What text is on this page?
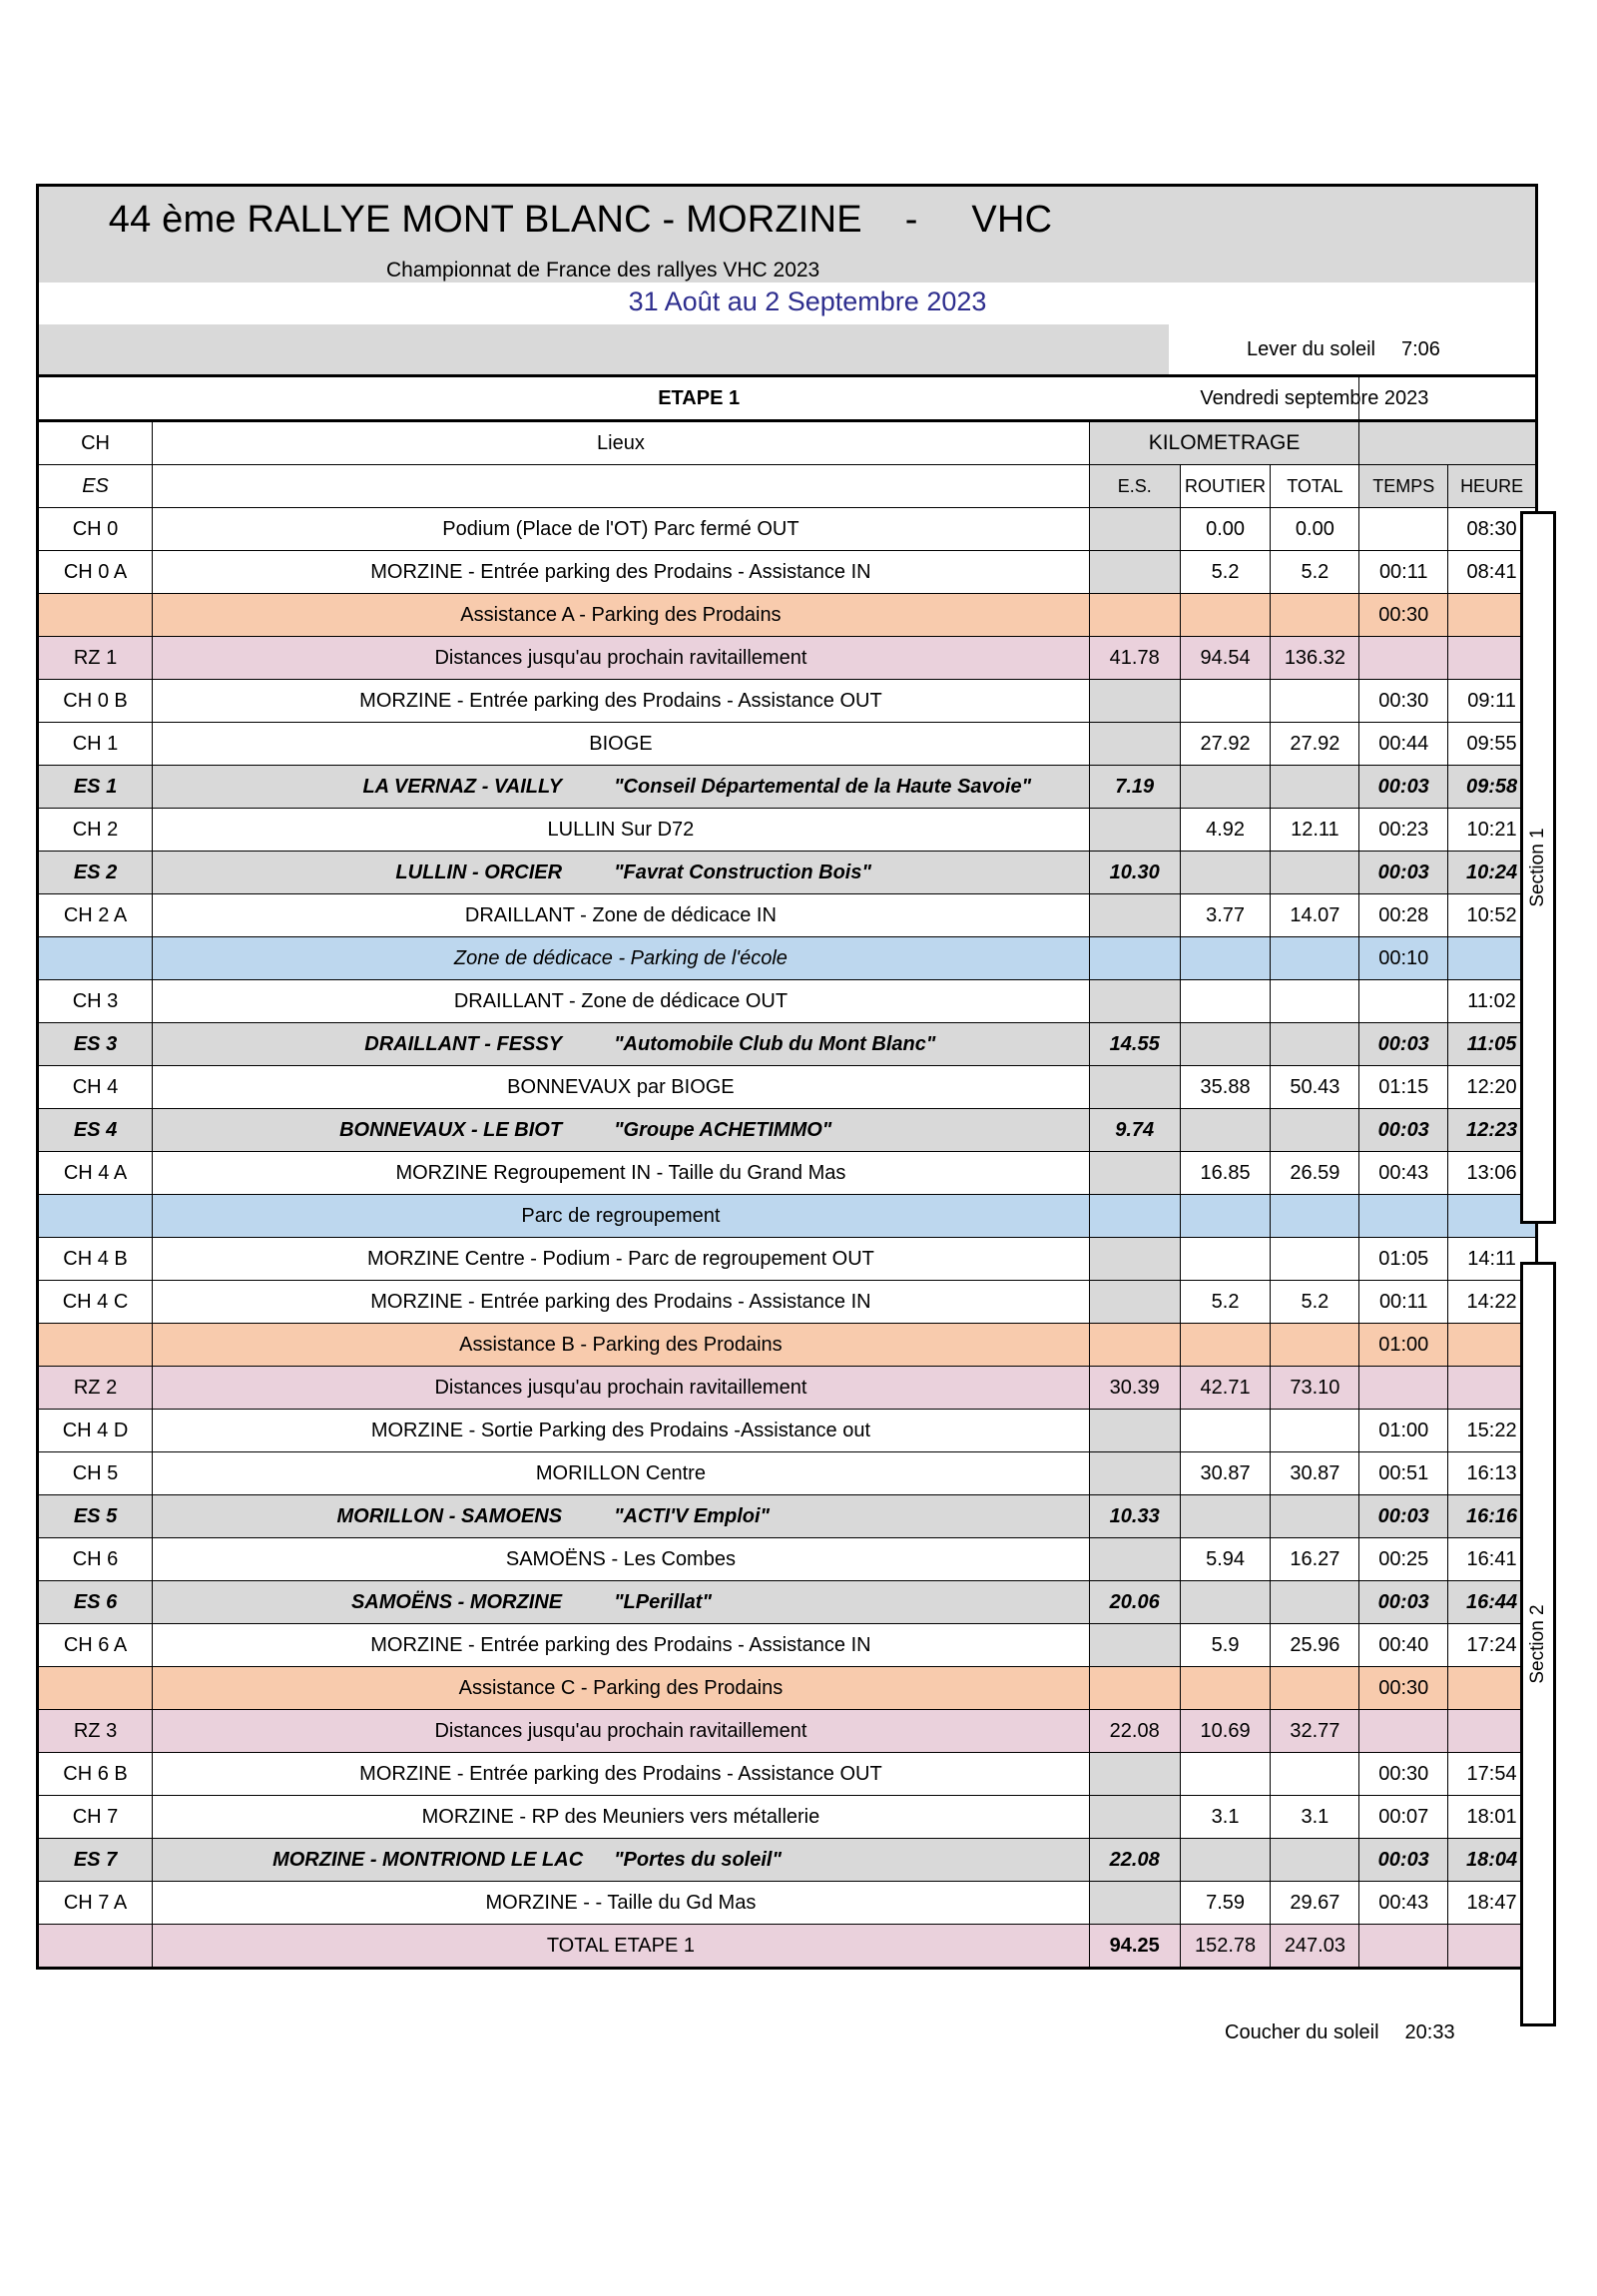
44 ème RALLYE MONT BLANC - MORZINE    -     VHC
Championnat de France des rallyes VHC 2023
31 Août au 2 Septembre 2023
Lever du soleil 7:06
ETAPE 1					Vendredi septembre 2023	
CH	Lieux	KILOMETRAGE				
ES		E.S.	ROUTIER	TOTAL	TEMPS	HEURE
CH 0	Podium (Place de l'OT) Parc fermé OUT		0.00	0.00		08:30
CH 0 A	MORZINE - Entrée parking des Prodains - Assistance IN		5.2	5.2	00:11	08:41
	Assistance A - Parking des Prodains				00:30	
RZ 1	Distances jusqu'au prochain ravitaillement	41.78	94.54	136.32		
CH 0 B	MORZINE - Entrée parking des Prodains - Assistance OUT				00:30	09:11
CH 1	BIOGE		27.92	27.92	00:44	09:55
ES 1	LA VERNAZ - VAILLY "Conseil Départemental de la Haute Savoie"	7.19			00:03	09:58
CH 2	LULLIN Sur D72		4.92	12.11	00:23	10:21
ES 2	LULLIN - ORCIER "Favrat Construction Bois"	10.30			00:03	10:24
CH 2 A	DRAILLANT - Zone de dédicace IN		3.77	14.07	00:28	10:52
	Zone de dédicace - Parking de l'école				00:10	
CH 3	DRAILLANT - Zone de dédicace OUT					11:02
ES 3	DRAILLANT - FESSY "Automobile Club du Mont Blanc"	14.55			00:03	11:05
CH 4	BONNEVAUX par BIOGE		35.88	50.43	01:15	12:20
ES 4	BONNEVAUX - LE BIOT "Groupe ACHETIMMO"	9.74			00:03	12:23
CH 4 A	MORZINE Regroupement IN - Taille du Grand Mas		16.85	26.59	00:43	13:06
	Parc de regroupement					
CH 4 B	MORZINE Centre - Podium - Parc de regroupement OUT				01:05	14:11
CH 4 C	MORZINE - Entrée parking des Prodains - Assistance IN		5.2	5.2	00:11	14:22
	Assistance B - Parking des Prodains				01:00	
RZ 2	Distances jusqu'au prochain ravitaillement	30.39	42.71	73.10		
CH 4 D	MORZINE - Sortie Parking des Prodains -Assistance out				01:00	15:22
CH 5	MORILLON Centre		30.87	30.87	00:51	16:13
ES 5	MORILLON - SAMOENS "ACTI'V Emploi"	10.33			00:03	16:16
CH 6	SAMOËNS - Les Combes		5.94	16.27	00:25	16:41
ES 6	SAMOËNS - MORZINE "LPerillat"	20.06			00:03	16:44
CH 6 A	MORZINE - Entrée parking des Prodains - Assistance IN		5.9	25.96	00:40	17:24
	Assistance C - Parking des Prodains				00:30	
RZ 3	Distances jusqu'au prochain ravitaillement	22.08	10.69	32.77		
CH 6 B	MORZINE - Entrée parking des Prodains - Assistance OUT				00:30	17:54
CH 7	MORZINE - RP des Meuniers vers métallerie		3.1	3.1	00:07	18:01
ES 7	MORZINE - MONTRIOND LE LAC "Portes du soleil"	22.08			00:03	18:04
CH 7 A	MORZINE - - Taille du Gd Mas		7.59	29.67	00:43	18:47
	TOTAL ETAPE 1	94.25	152.78	247.03		
Section 1
Section 2
Coucher du soleil 20:33
